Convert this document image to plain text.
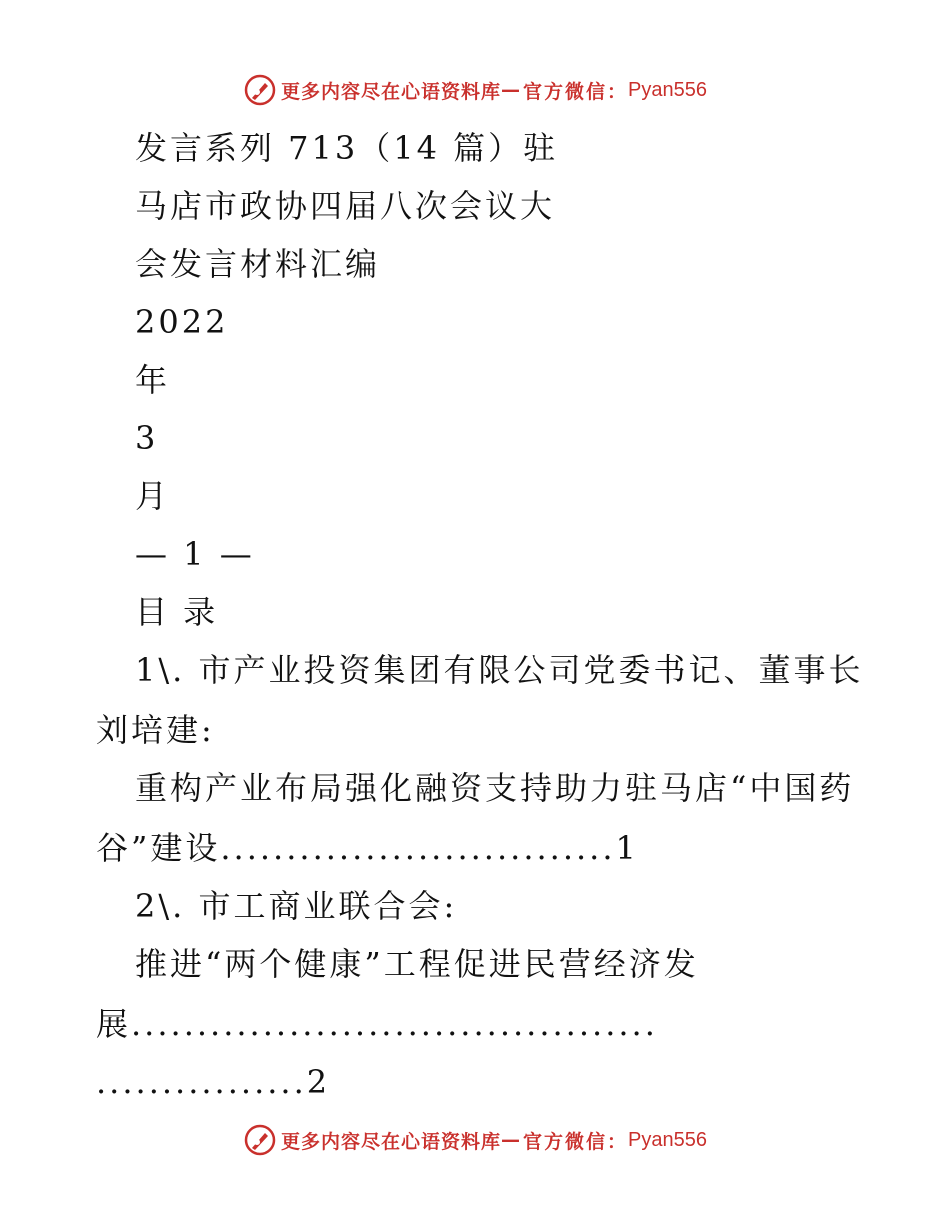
更多内容尽在心语资料库 — 官方微信： Pyan556
发言系列 713（14 篇）驻
马店市政协四届八次会议大
会发言材料汇编
2022
年
3
月
— 1 —
目 录
1\. 市产业投资集团有限公司党委书记、董事长
刘培建:
重构产业布局强化融资支持助力驻马店“中国药
谷”建设..............................1
2\. 市工商业联合会:
推进“两个健康”工程促进民营经济发
展........................................
................2
更多内容尽在心语资料库 — 官方微信： Pyan556
